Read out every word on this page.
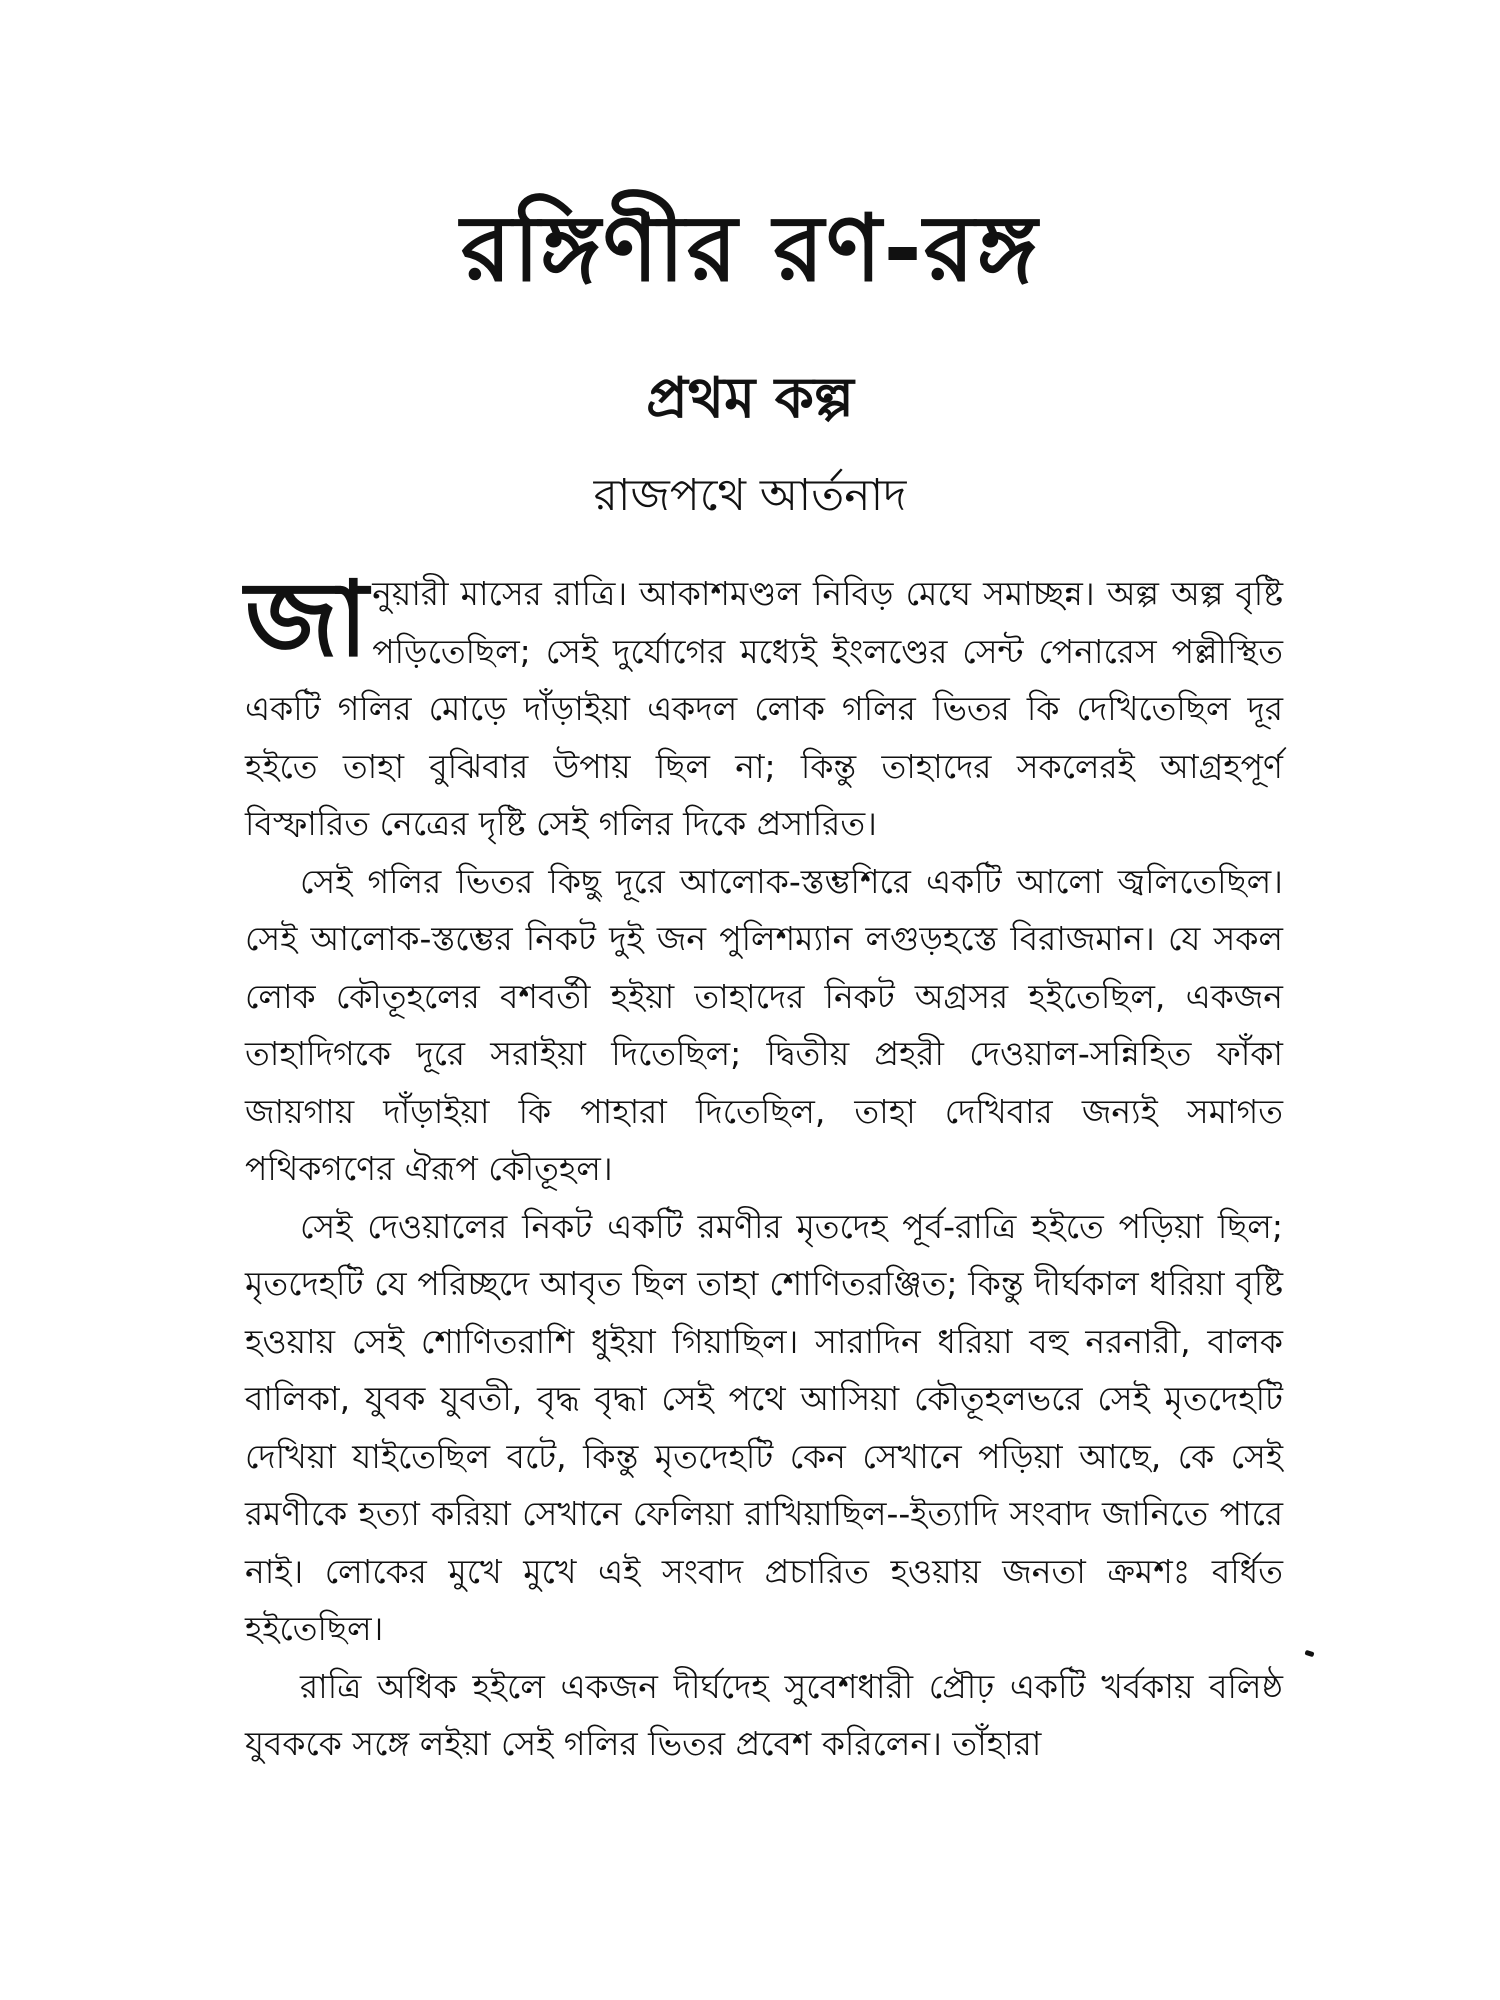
রঙ্গিণীর রণ-রঙ্গ
প্রথম কল্প
রাজপথে আর্তনাদ

জানুয়ারী মাসের রাত্রি। আকাশমণ্ডল নিবিড় মেঘে সমাচ্ছন্ন। অল্প অল্প বৃষ্টি পড়িতেছিল; সেই দুর্যোগের মধ্যেই ইংলণ্ডের সেন্ট পেনারেস পল্লীস্থিত একটি গলির মোড়ে দাঁড়াইয়া একদল লোক গলির ভিতর কি দেখিতেছিল দূর হইতে তাহা বুঝিবার উপায় ছিল না; কিন্তু তাহাদের সকলেরই আগ্রহপূর্ণ বিস্ফারিত নেত্রের দৃষ্টি সেই গলির দিকে প্রসারিত।

সেই গলির ভিতর কিছু দূরে আলোক-স্তম্ভশিরে একটি আলো জ্বলিতেছিল। সেই আলোক-স্তম্ভের নিকট দুই জন পুলিশম্যান লগুড়হস্তে বিরাজমান। যে সকল লোক কৌতূহলের বশবর্তী হইয়া তাহাদের নিকট অগ্রসর হইতেছিল, একজন তাহাদিগকে দূরে সরাইয়া দিতেছিল; দ্বিতীয় প্রহরী দেওয়াল-সন্নিহিত ফাঁকা জায়গায় দাঁড়াইয়া কি পাহারা দিতেছিল, তাহা দেখিবার জন্যই সমাগত পথিকগণের ঐরূপ কৌতূহল।

সেই দেওয়ালের নিকট একটি রমণীর মৃতদেহ পূর্ব-রাত্রি হইতে পড়িয়া ছিল; মৃতদেহটি যে পরিচ্ছদে আবৃত ছিল তাহা শোণিতরঞ্জিত; কিন্তু দীর্ঘকাল ধরিয়া বৃষ্টি হওয়ায় সেই শোণিতরাশি ধুইয়া গিয়াছিল। সারাদিন ধরিয়া বহু নরনারী, বালক বালিকা, যুবক যুবতী, বৃদ্ধ বৃদ্ধা সেই পথে আসিয়া কৌতূহলভরে সেই মৃতদেহটি দেখিয়া যাইতেছিল বটে, কিন্তু মৃতদেহটি কেন সেখানে পড়িয়া আছে, কে সেই রমণীকে হত্যা করিয়া সেখানে ফেলিয়া রাখিয়াছিল--ইত্যাদি সংবাদ জানিতে পারে নাই। লোকের মুখে মুখে এই সংবাদ প্রচারিত হওয়ায় জনতা ক্রমশঃ বর্ধিত হইতেছিল।

রাত্রি অধিক হইলে একজন দীর্ঘদেহ সুবেশধারী প্রৌঢ় একটি খর্বকায় বলিষ্ঠ যুবককে সঙ্গে লইয়া সেই গলির ভিতর প্রবেশ করিলেন। তাঁহারা
